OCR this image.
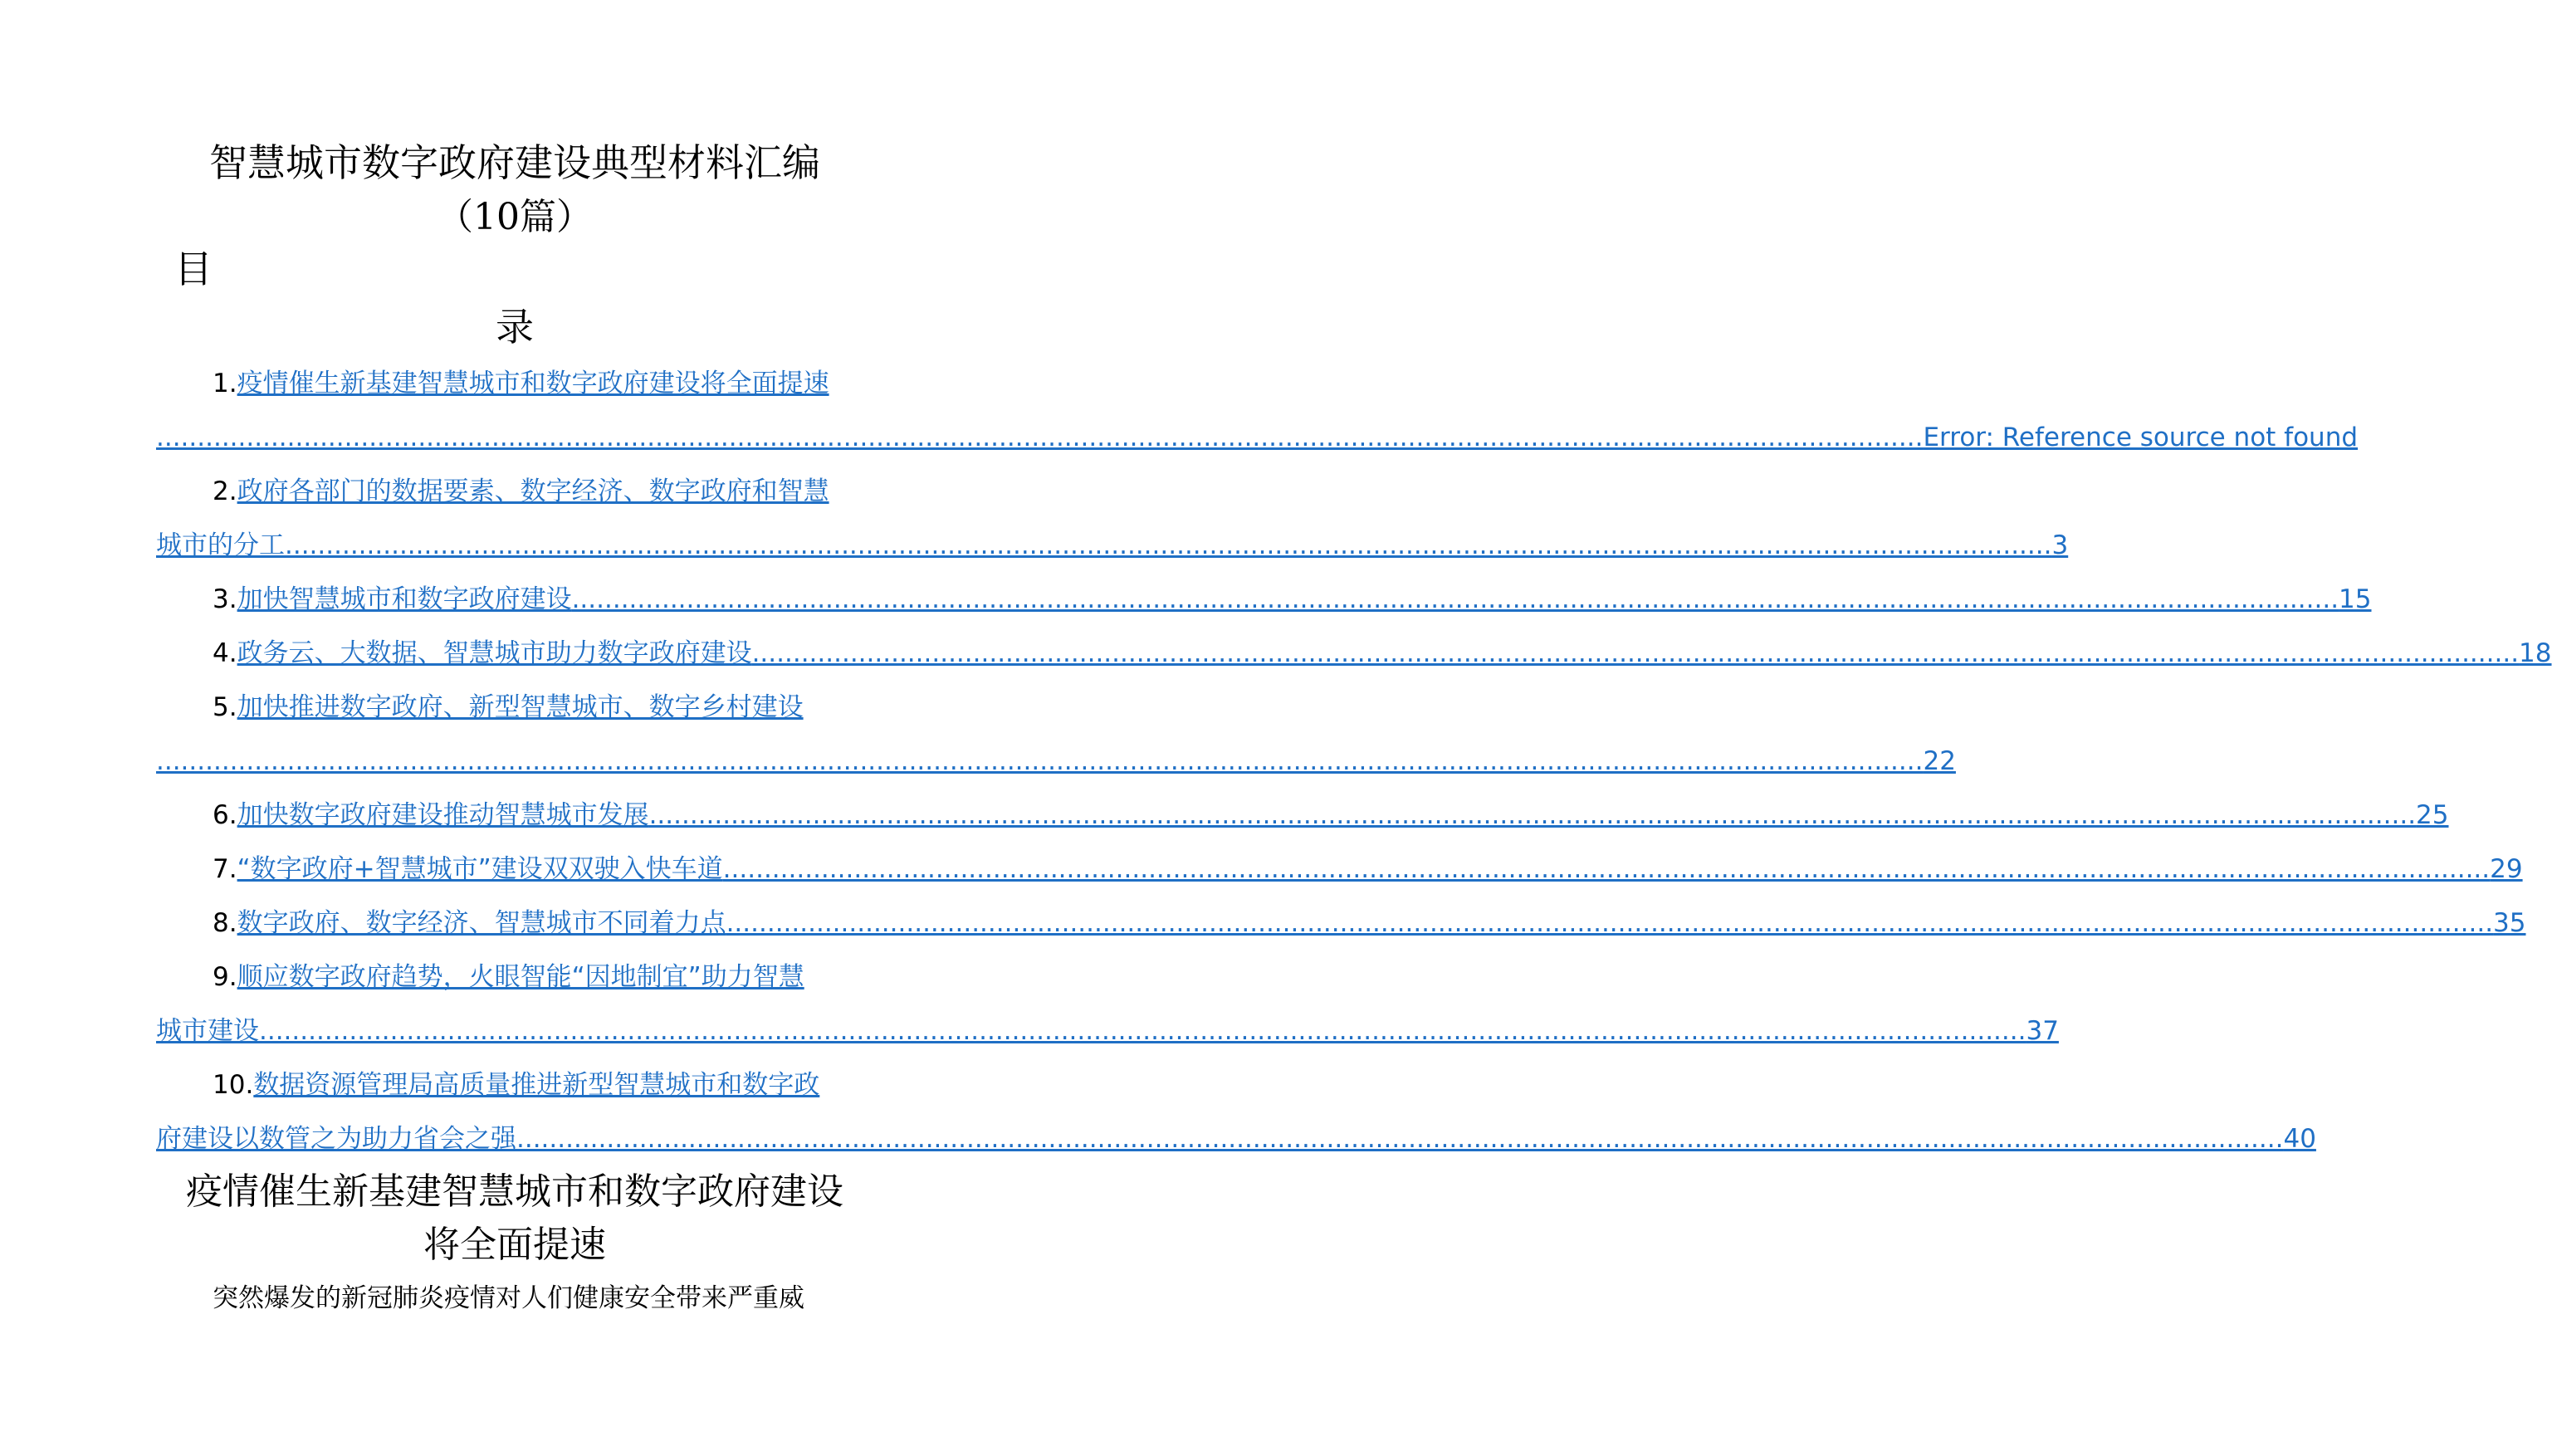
智慧城市数字政府建设典型材料汇编
（10篇）
目
录
1. 疫情催生新基建智慧城市和数字政府建设将全面提速
.....
Error: Reference source not found
2. 政府各部门的数据要素、数字经济、数字政府和智慧
城市的分工 .....	3
3. 加快智慧城市和数字政府建设 .....	15
4. 政务云、大数据、智慧城市助力数字政府建设 .....	18
5. 加快推进数字政府、新型智慧城市、数字乡村建设
.....
22
6. 加快数字政府建设推动智慧城市发展 .....	25
7. “数字政府+智慧城市”建设双双驶入快车道 .....	29
8. 数字政府、数字经济、智慧城市不同着力点 .....	35
9. 顺应数字政府趋势，火眼智能“因地制宜”助力智慧
城市建设 .....	37
10. 数据资源管理局高质量推进新型智慧城市和数字政
府建设以数管之为助力省会之强 .....	40
疫情催生新基建智慧城市和数字政府建设
将全面提速
突然爆发的新冠肺炎疫情对人们健康安全带来严重威
